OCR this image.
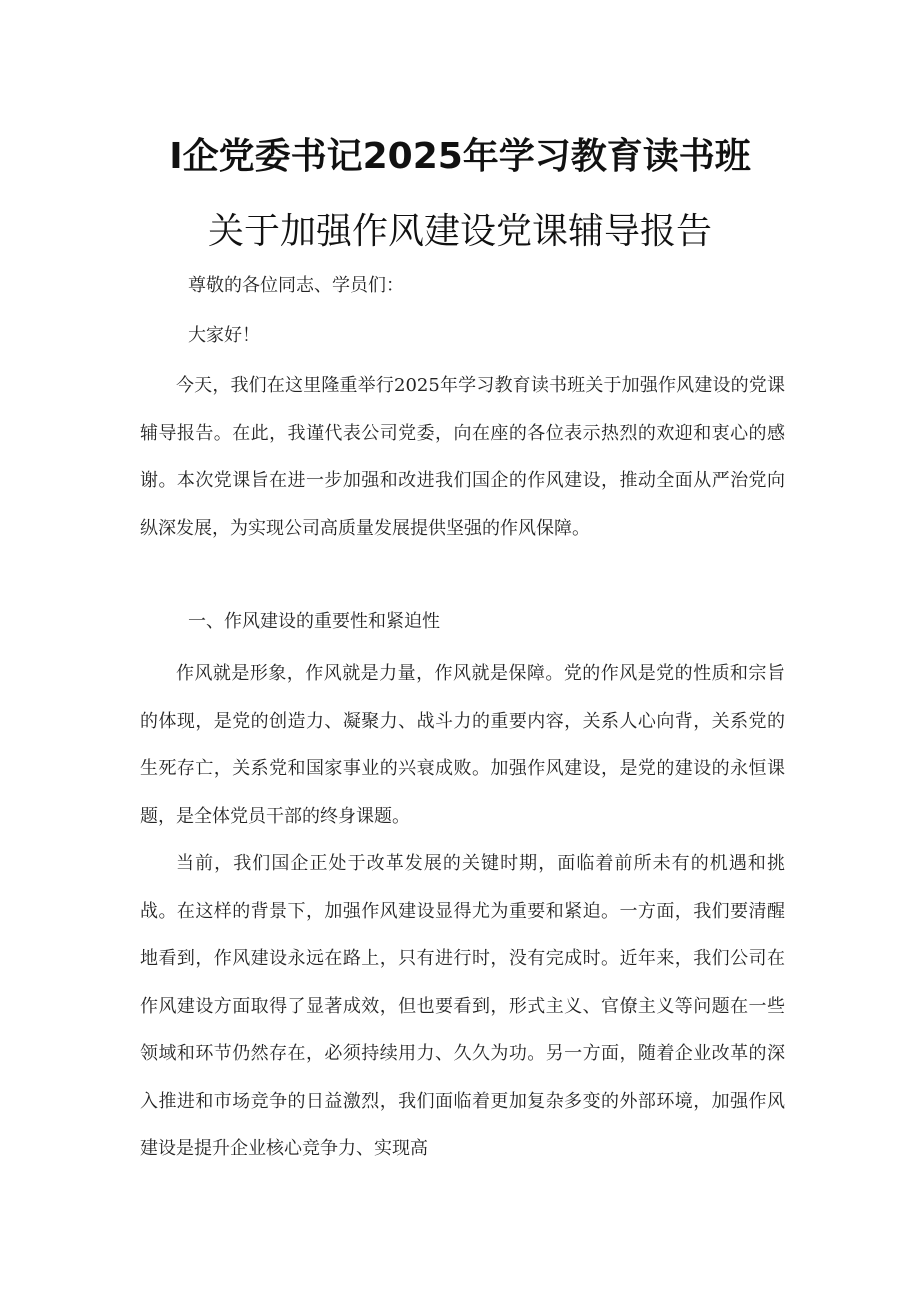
Ⅰ企党委书记2025年学习教育读书班
关于加强作风建设党课辅导报告
尊敬的各位同志、学员们：
大家好！

今天，我们在这里隆重举行2025年学习教育读书班关于加强作风建设的党课辅导报告。在此，我谨代表公司党委，向在座的各位表示热烈的欢迎和衷心的感谢。本次党课旨在进一步加强和改进我们国企的作风建设，推动全面从严治党向纵深发展，为实现公司高质量发展提供坚强的作风保障。

一、作风建设的重要性和紧迫性

作风就是形象，作风就是力量，作风就是保障。党的作风是党的性质和宗旨的体现，是党的创造力、凝聚力、战斗力的重要内容，关系人心向背，关系党的生死存亡，关系党和国家事业的兴衰成败。加强作风建设，是党的建设的永恒课题，是全体党员干部的终身课题。

当前，我们国企正处于改革发展的关键时期，面临着前所未有的机遇和挑战。在这样的背景下，加强作风建设显得尤为重要和紧迫。一方面，我们要清醒地看到，作风建设永远在路上，只有进行时，没有完成时。近年来，我们公司在作风建设方面取得了显著成效，但也要看到，形式主义、官僚主义等问题在一些领域和环节仍然存在，必须持续用力、久久为功。另一方面，随着企业改革的深入推进和市场竞争的日益激烈，我们面临着更加复杂多变的外部环境，加强作风建设是提升企业核心竞争力、实现高
